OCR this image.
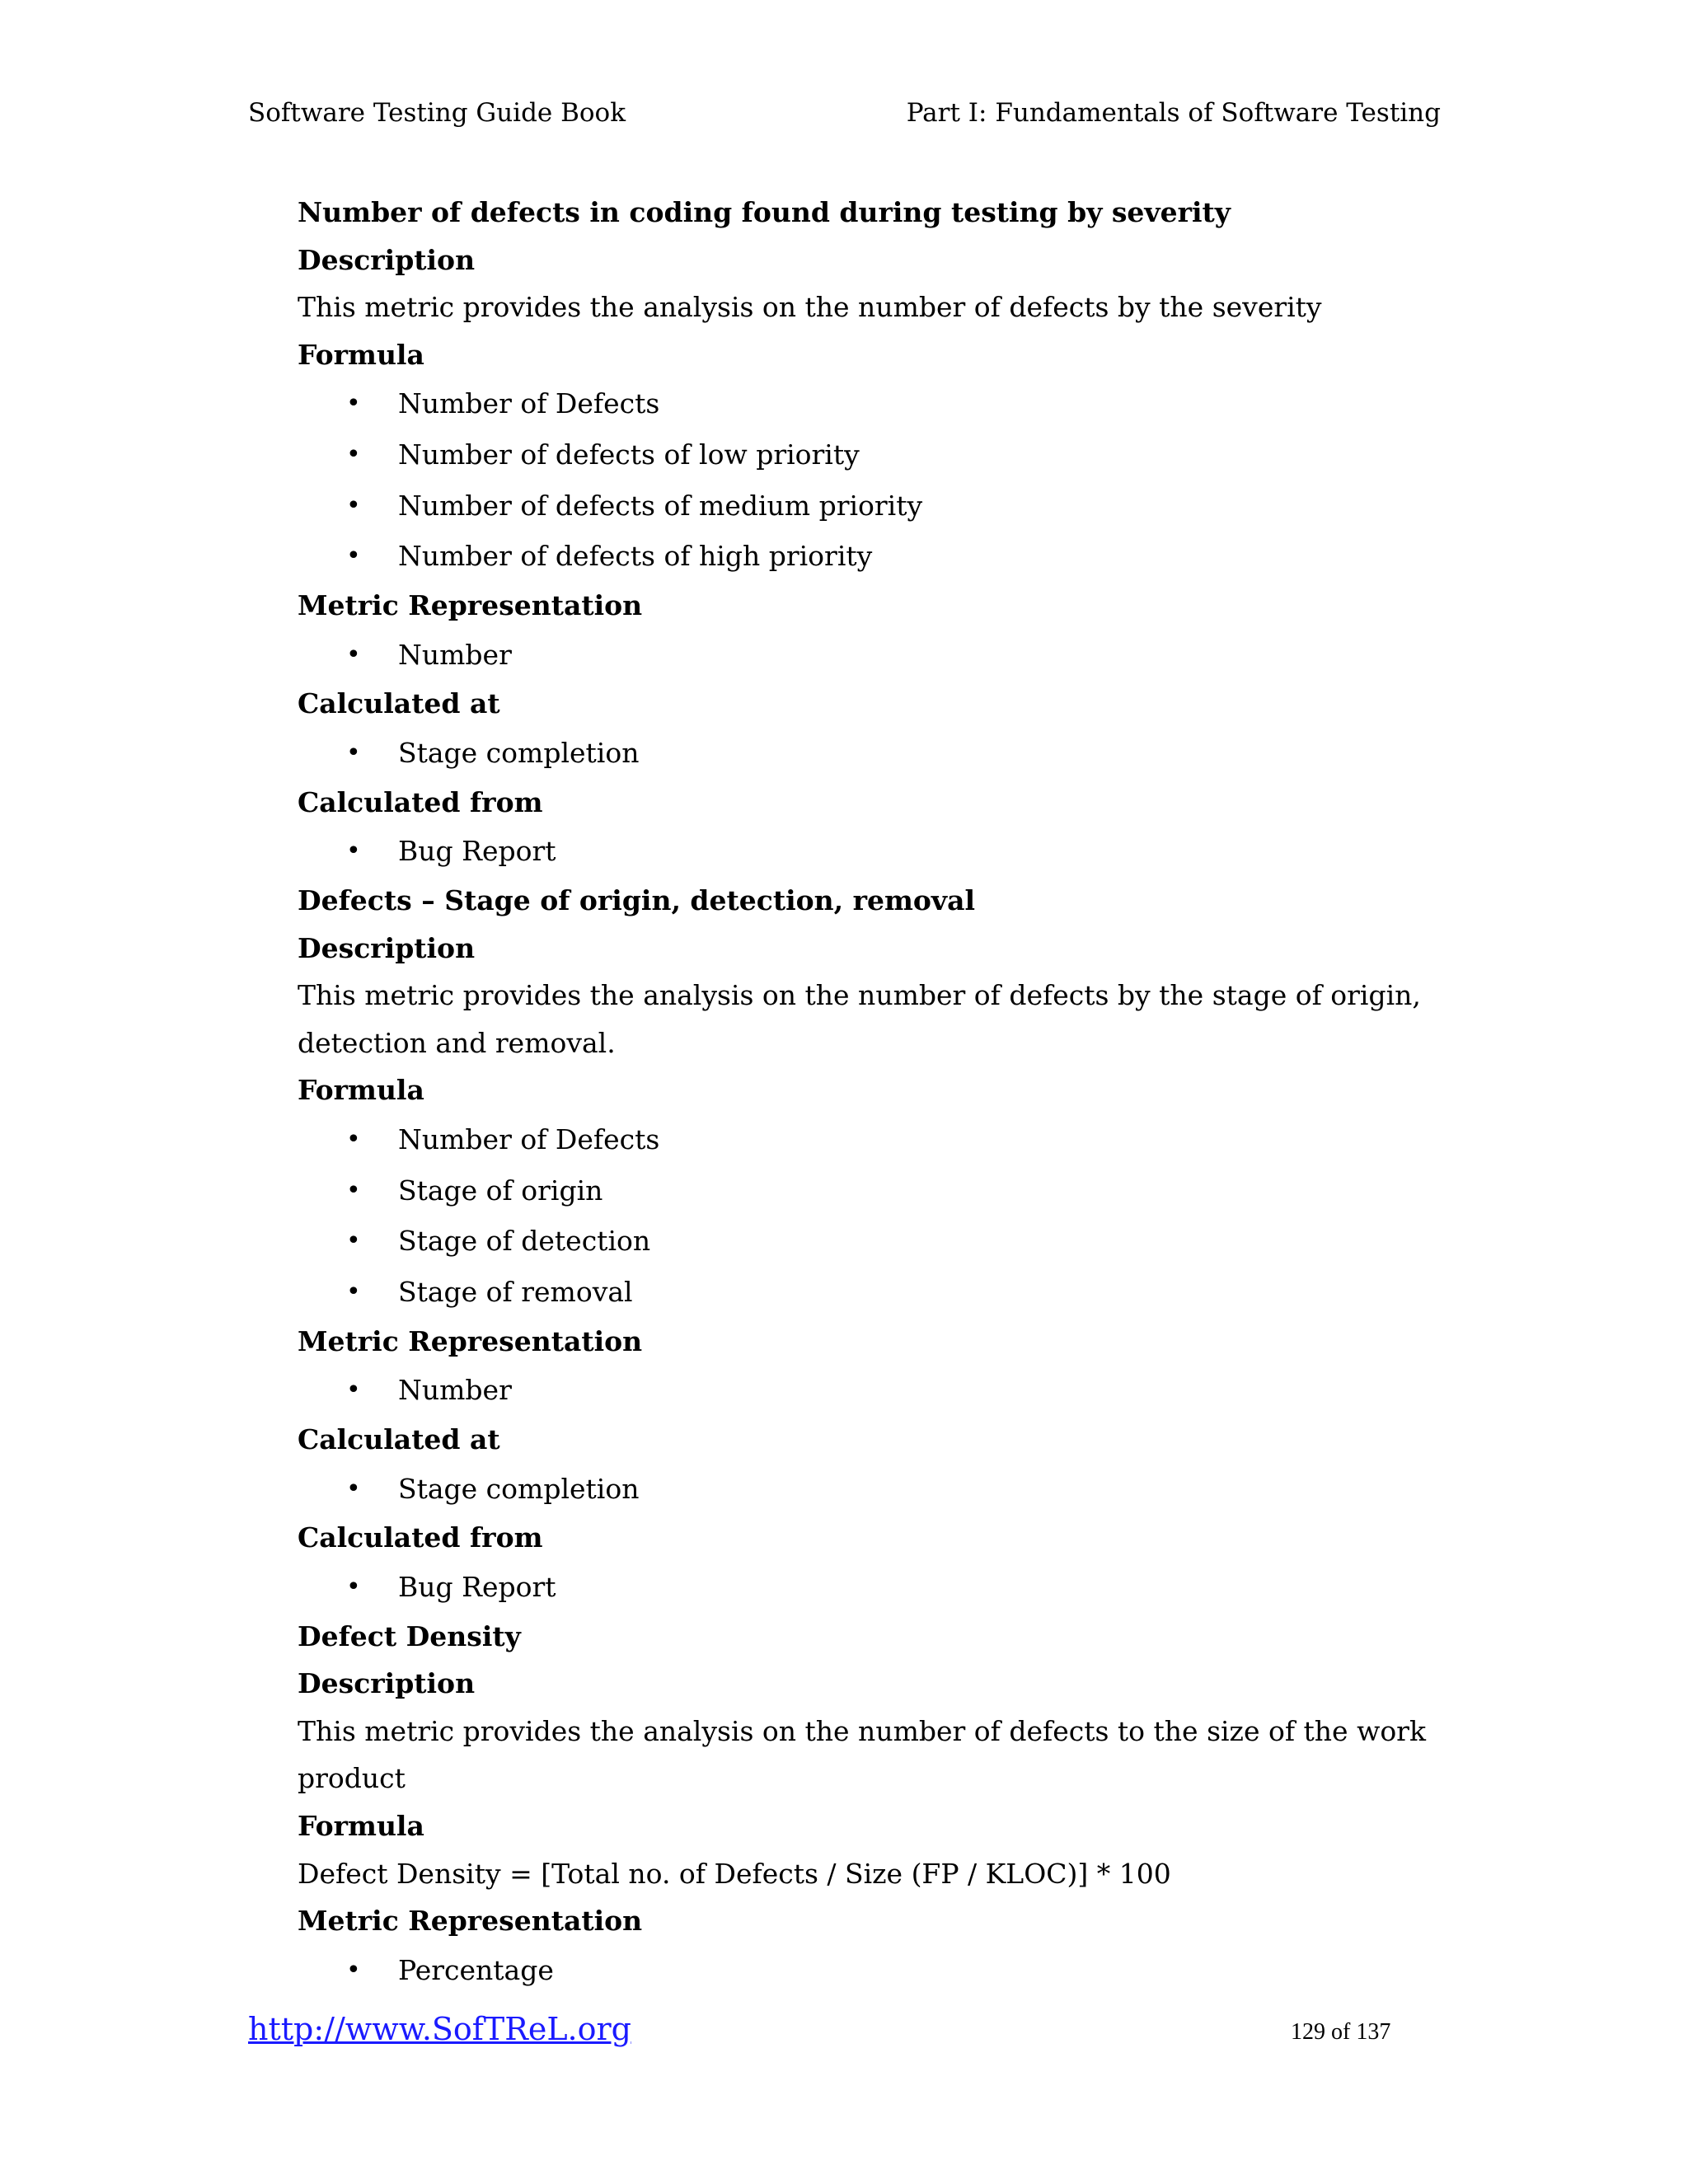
Software Testing Guide Book	Part I: Fundamentals of Software Testing
Number of defects in coding found during testing by severity
Description
This metric provides the analysis on the number of defects by the severity
Formula
• Number of Defects
• Number of defects of low priority
• Number of defects of medium priority
• Number of defects of high priority
Metric Representation
• Number
Calculated at
• Stage completion
Calculated from
• Bug Report
Defects – Stage of origin, detection, removal
Description
This metric provides the analysis on the number of defects by the stage of origin,
detection and removal.
Formula
• Number of Defects
• Stage of origin
• Stage of detection
• Stage of removal
Metric Representation
• Number
Calculated at
• Stage completion
Calculated from
• Bug Report
Defect Density
Description
This metric provides the analysis on the number of defects to the size of the work
product
Formula
Defect Density = [Total no. of Defects / Size (FP / KLOC)] * 100
Metric Representation
• Percentage
http://www.SofTReL.org	129 of 137
